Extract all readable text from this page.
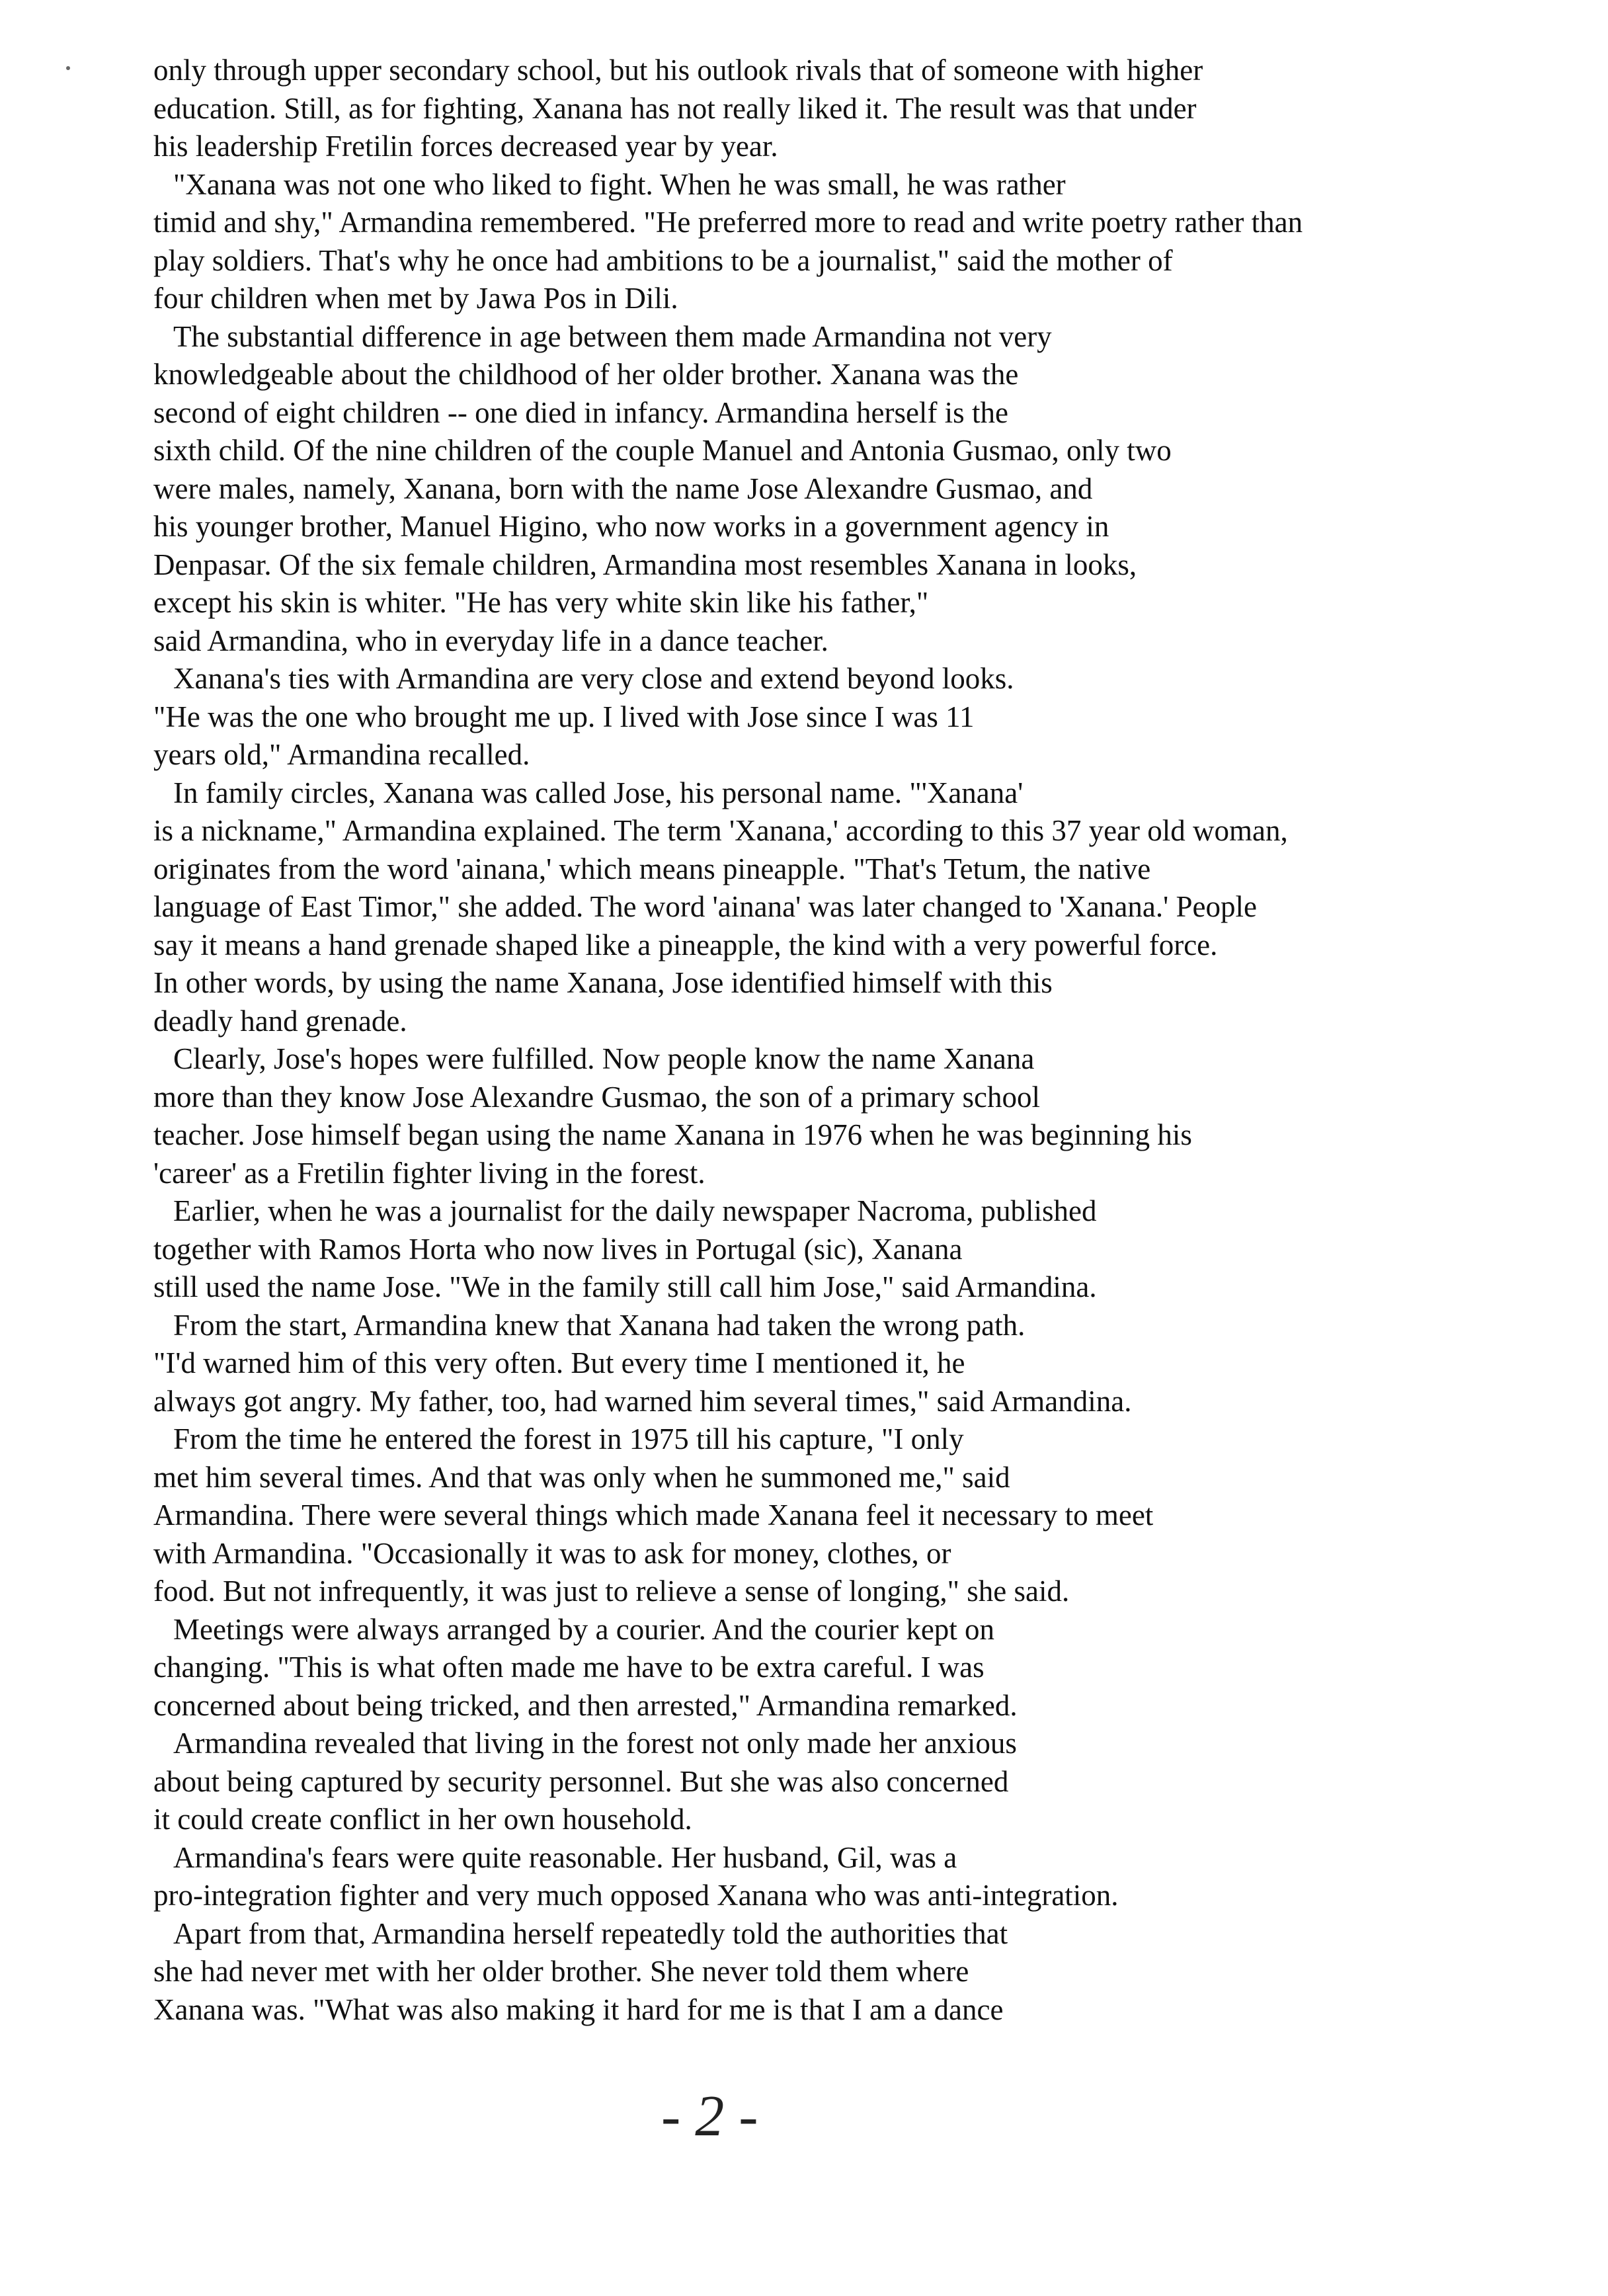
only through upper secondary school, but his outlook rivals that of someone with higher
education. Still, as for fighting, Xanana has not really liked it. The result was that under
his leadership Fretilin forces decreased year by year.
"Xanana was not one who liked to fight. When he was small, he was rather
timid and shy," Armandina remembered. "He preferred more to read and write poetry rather than
play soldiers. That's why he once had ambitions to be a journalist," said the mother of
four children when met by Jawa Pos in Dili.
The substantial difference in age between them made Armandina not very
knowledgeable about the childhood of her older brother. Xanana was the
second of eight children -- one died in infancy. Armandina herself is the
sixth child. Of the nine children of the couple Manuel and Antonia Gusmao, only two
were males, namely, Xanana, born with the name Jose Alexandre Gusmao, and
his younger brother, Manuel Higino, who now works in a government agency in
Denpasar. Of the six female children, Armandina most resembles Xanana in looks,
except his skin is whiter. "He has very white skin like his father,"
said Armandina, who in everyday life in a dance teacher.
Xanana's ties with Armandina are very close and extend beyond looks.
"He was the one who brought me up. I lived with Jose since I was 11
years old," Armandina recalled.
In family circles, Xanana was called Jose, his personal name. "'Xanana'
is a nickname," Armandina explained. The term 'Xanana,' according to this 37 year old woman,
originates from the word 'ainana,' which means pineapple. "That's Tetum, the native
language of East Timor," she added. The word 'ainana' was later changed to 'Xanana.' People
say it means a hand grenade shaped like a pineapple, the kind with a very powerful force.
In other words, by using the name Xanana, Jose identified himself with this
deadly hand grenade.
Clearly, Jose's hopes were fulfilled. Now people know the name Xanana
more than they know Jose Alexandre Gusmao, the son of a primary school
teacher. Jose himself began using the name Xanana in 1976 when he was beginning his
'career' as a Fretilin fighter living in the forest.
Earlier, when he was a journalist for the daily newspaper Nacroma, published
together with Ramos Horta who now lives in Portugal (sic), Xanana
still used the name Jose. "We in the family still call him Jose," said Armandina.
From the start, Armandina knew that Xanana had taken the wrong path.
"I'd warned him of this very often. But every time I mentioned it, he
always got angry. My father, too, had warned him several times," said Armandina.
From the time he entered the forest in 1975 till his capture, "I only
met him several times. And that was only when he summoned me," said
Armandina. There were several things which made Xanana feel it necessary to meet
with Armandina. "Occasionally it was to ask for money, clothes, or
food. But not infrequently, it was just to relieve a sense of longing," she said.
Meetings were always arranged by a courier. And the courier kept on
changing. "This is what often made me have to be extra careful. I was
concerned about being tricked, and then arrested," Armandina remarked.
Armandina revealed that living in the forest not only made her anxious
about being captured by security personnel. But she was also concerned
it could create conflict in her own household.
Armandina's fears were quite reasonable. Her husband, Gil, was a
pro-integration fighter and very much opposed Xanana who was anti-integration.
Apart from that, Armandina herself repeatedly told the authorities that
she had never met with her older brother. She never told them where
Xanana was. "What was also making it hard for me is that I am a dance
- 2 -
